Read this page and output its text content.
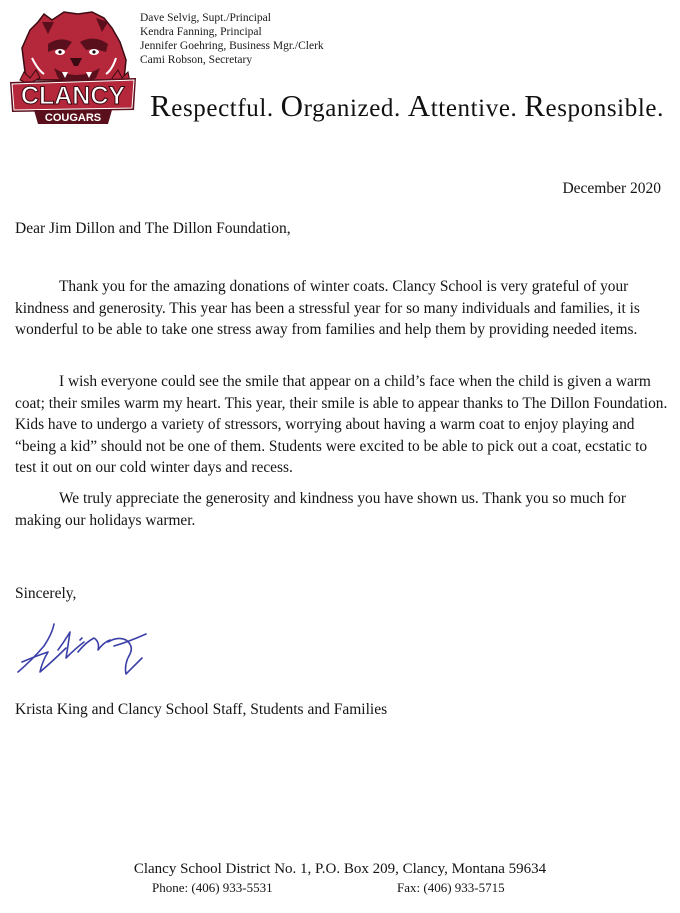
CLANCY
COUGARS
Dave Selvig, Supt./Principal
Kendra Fanning, Principal
Jennifer Goehring, Business Mgr./Clerk
Cami Robson, Secretary
Respectful. Organized. Attentive. Responsible.
December 2020
Dear Jim Dillon and The Dillon Foundation,

Thank you for the amazing donations of winter coats. Clancy School is very grateful of your kindness and generosity. This year has been a stressful year for so many individuals and families, it is wonderful to be able to take one stress away from families and help them by providing needed items.

I wish everyone could see the smile that appear on a child’s face when the child is given a warm coat; their smiles warm my heart. This year, their smile is able to appear thanks to The Dillon Foundation. Kids have to undergo a variety of stressors, worrying about having a warm coat to enjoy playing and “being a kid” should not be one of them. Students were excited to be able to pick out a coat, ecstatic to test it out on our cold winter days and recess.

We truly appreciate the generosity and kindness you have shown us. Thank you so much for making our holidays warmer.

Sincerely,
Krista King and Clancy School Staff, Students and Families
Clancy School District No. 1, P.O. Box 209, Clancy, Montana 59634
Phone: (406) 933-5531	Fax: (406) 933-5715
